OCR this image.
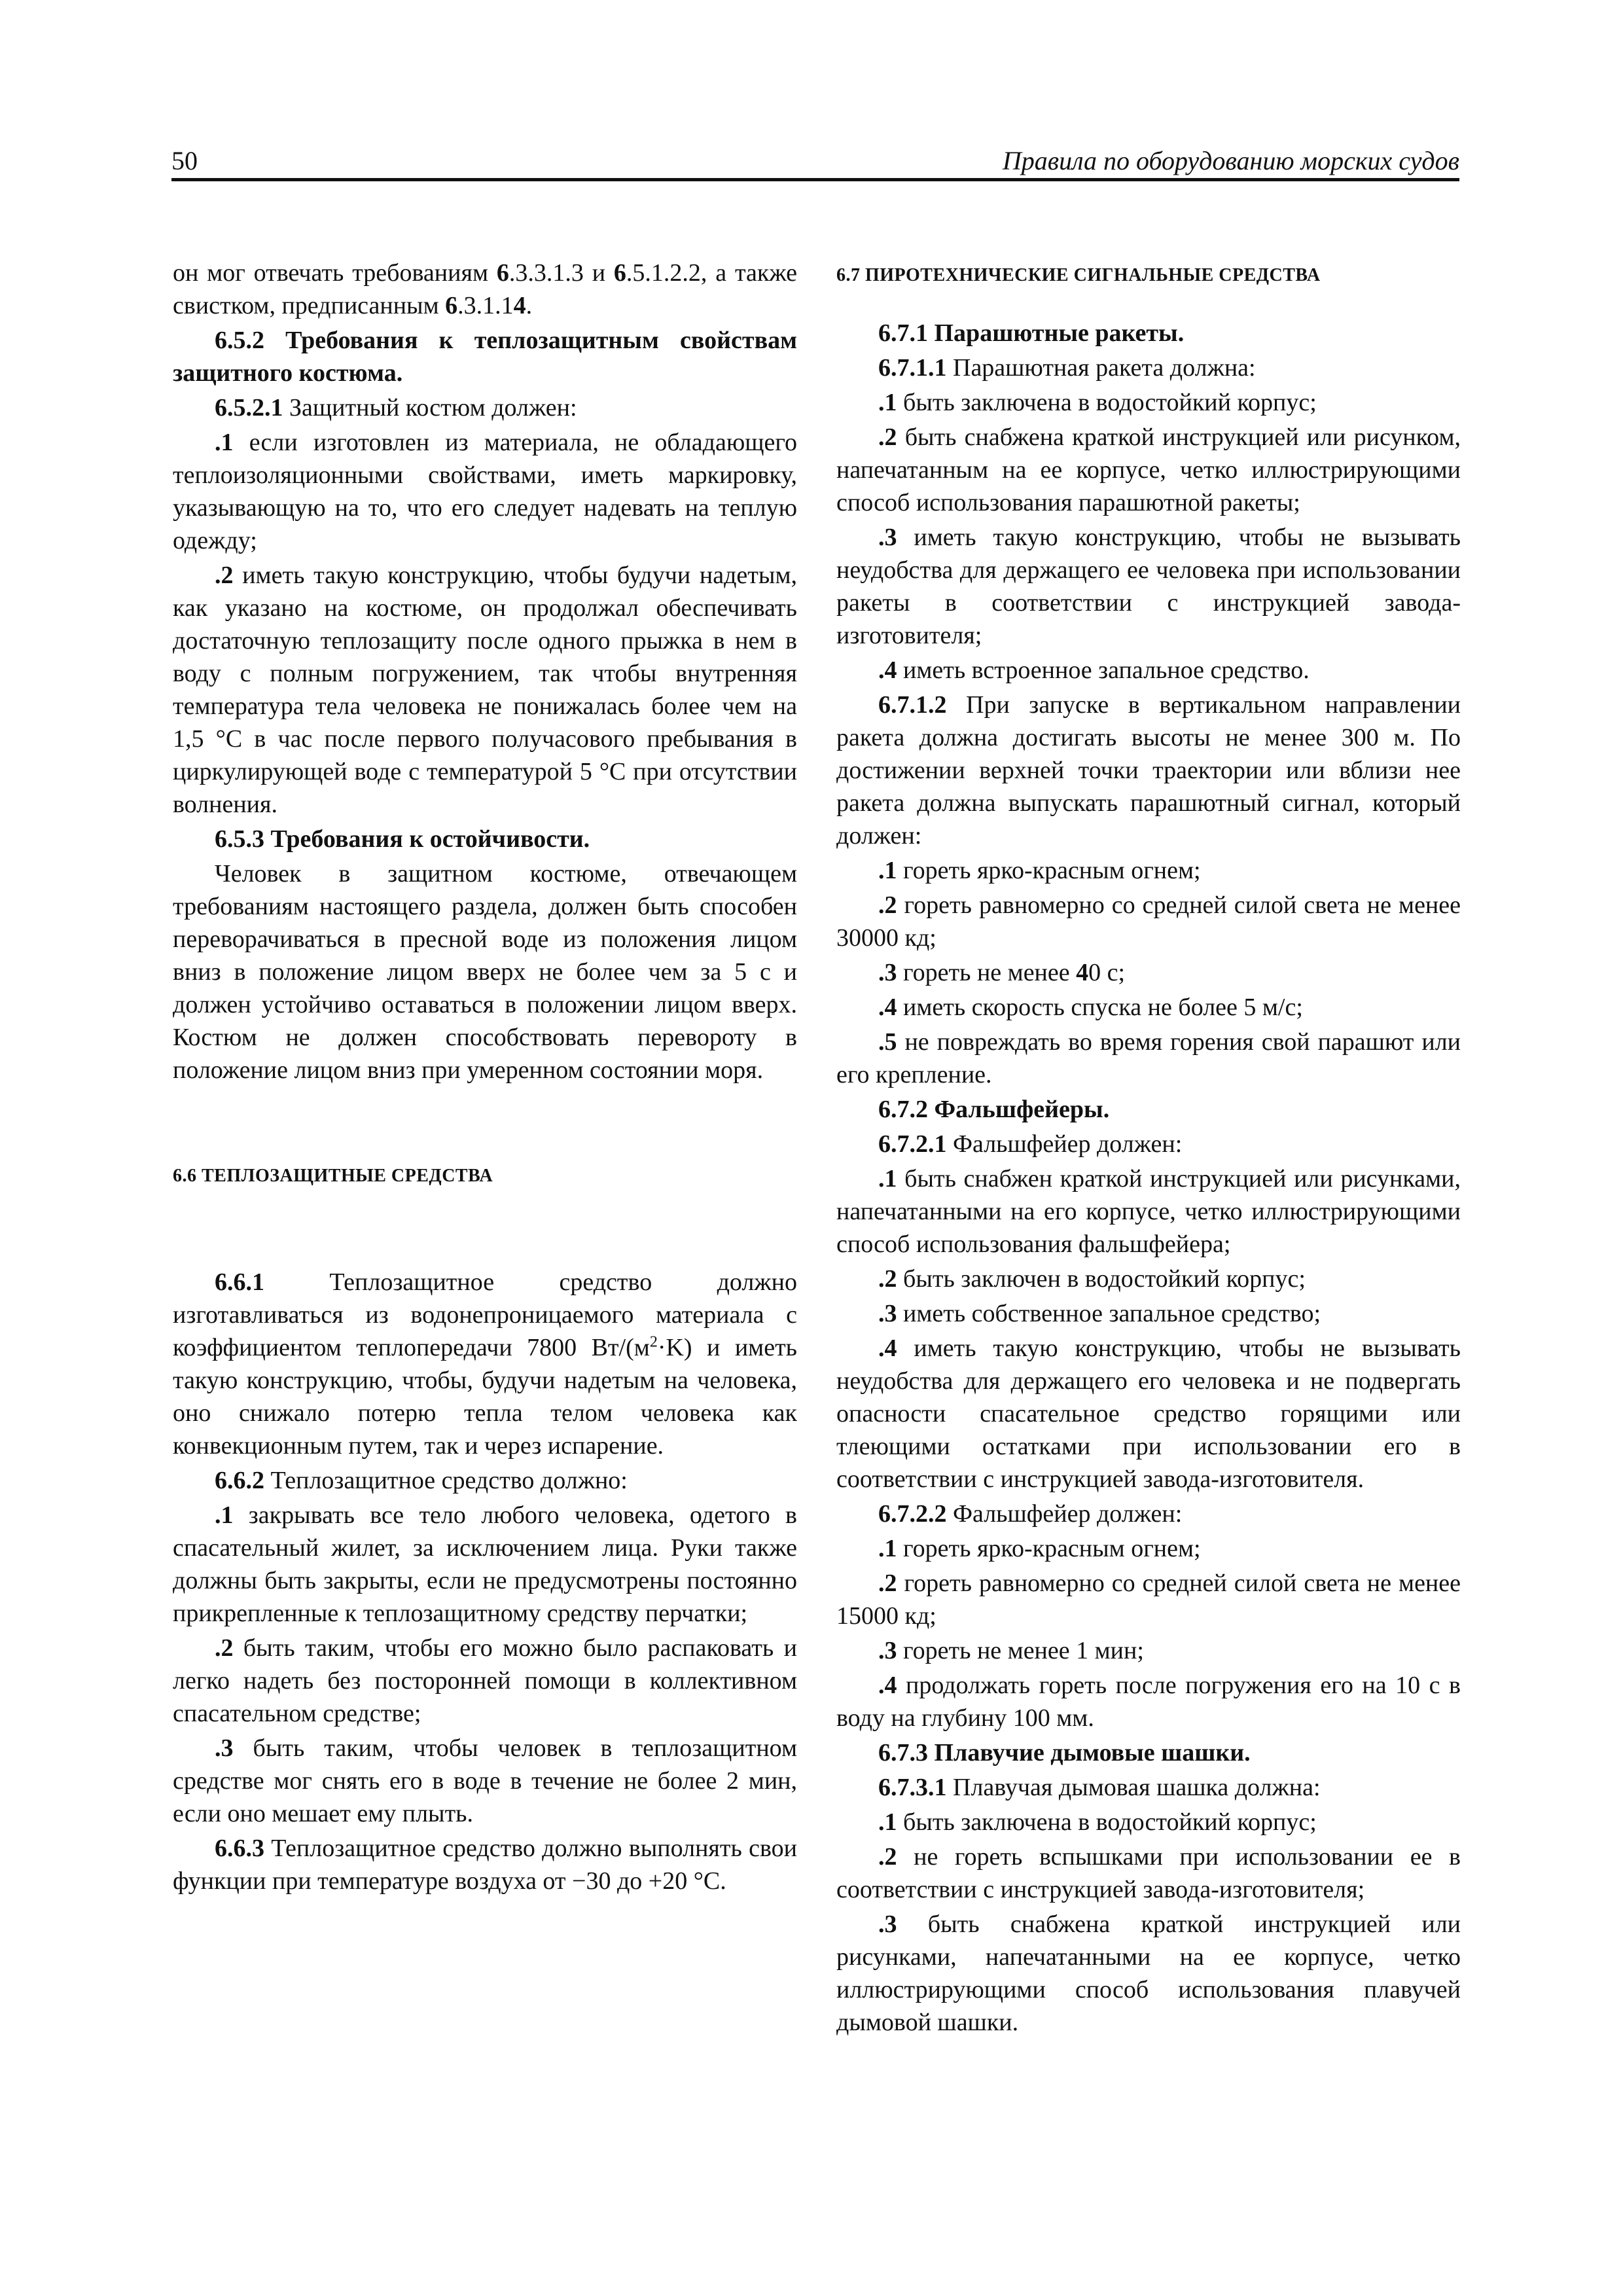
50	Правила по оборудованию морских судов

он мог отвечать требованиям 6.3.3.1.3 и 6.5.1.2.2, а также свистком, предписанным 6.3.1.14.

6.5.2 Требования к теплозащитным свойствам защитного костюма.

6.5.2.1 Защитный костюм должен:

.1 если изготовлен из материала, не обладающего теплоизоляционными свойствами, иметь маркировку, указывающую на то, что его следует надевать на теплую одежду;

.2 иметь такую конструкцию, чтобы будучи надетым, как указано на костюме, он продолжал обеспечивать достаточную теплозащиту после одного прыжка в нем в воду с полным погружением, так чтобы внутренняя температура тела человека не понижалась более чем на 1,5 °С в час после первого получасового пребывания в циркулирующей воде с температурой 5 °С при отсутствии волнения.

6.5.3 Требования к остойчивости.

Человек в защитном костюме, отвечающем требованиям настоящего раздела, должен быть способен переворачиваться в пресной воде из положения лицом вниз в положение лицом вверх не более чем за 5 с и должен устойчиво оставаться в положении лицом вверх. Костюм не должен способствовать перевороту в положение лицом вниз при умеренном состоянии моря.

6.6 ТЕПЛОЗАЩИТНЫЕ СРЕДСТВА

6.6.1 Теплозащитное средство должно изготавливаться из водонепроницаемого материала с коэффициентом теплопередачи 7800 $Вт/(м^2\cdot K)$ и иметь такую конструкцию, чтобы, будучи надетым на человека, оно снижало потерю тепла телом человека как конвекционным путем, так и через испарение.

6.6.2 Теплозащитное средство должно:

.1 закрывать все тело любого человека, одетого в спасательный жилет, за исключением лица. Руки также должны быть закрыты, если не предусмотрены постоянно прикрепленные к теплозащитному средству перчатки;

.2 быть таким, чтобы его можно было распаковать и легко надеть без посторонней помощи в коллективном спасательном средстве;

.3 быть таким, чтобы человек в теплозащитном средстве мог снять его в воде в течение не более 2 мин, если оно мешает ему плыть.

6.6.3 Теплозащитное средство должно выполнять свои функции при температуре воздуха от −30 до +20 °С.

6.7 ПИРОТЕХНИЧЕСКИЕ СИГНАЛЬНЫЕ СРЕДСТВА

6.7.1 Парашютные ракеты.

6.7.1.1 Парашютная ракета должна:

.1 быть заключена в водостойкий корпус;

.2 быть снабжена краткой инструкцией или рисунком, напечатанным на ее корпусе, четко иллюстрирующими способ использования парашютной ракеты;

.3 иметь такую конструкцию, чтобы не вызывать неудобства для держащего ее человека при использовании ракеты в соответствии с инструкцией завода-изготовителя;

.4 иметь встроенное запальное средство.

6.7.1.2 При запуске в вертикальном направлении ракета должна достигать высоты не менее 300 м. По достижении верхней точки траектории или вблизи нее ракета должна выпускать парашютный сигнал, который должен:

.1 гореть ярко-красным огнем;

.2 гореть равномерно со средней силой света не менее 30000 кд;

.3 гореть не менее 40 с;

.4 иметь скорость спуска не более 5 м/с;

.5 не повреждать во время горения свой парашют или его крепление.

6.7.2 Фальшфейеры.

6.7.2.1 Фальшфейер должен:

.1 быть снабжен краткой инструкцией или рисунками, напечатанными на его корпусе, четко иллюстрирующими способ использования фальшфейера;

.2 быть заключен в водостойкий корпус;

.3 иметь собственное запальное средство;

.4 иметь такую конструкцию, чтобы не вызывать неудобства для держащего его человека и не подвергать опасности спасательное средство горящими или тлеющими остатками при использовании его в соответствии с инструкцией завода-изготовителя.

6.7.2.2 Фальшфейер должен:

.1 гореть ярко-красным огнем;

.2 гореть равномерно со средней силой света не менее 15000 кд;

.3 гореть не менее 1 мин;

.4 продолжать гореть после погружения его на 10 с в воду на глубину 100 мм.

6.7.3 Плавучие дымовые шашки.

6.7.3.1 Плавучая дымовая шашка должна:

.1 быть заключена в водостойкий корпус;

.2 не гореть вспышками при использовании ее в соответствии с инструкцией завода-изготовителя;

.3 быть снабжена краткой инструкцией или рисунками, напечатанными на ее корпусе, четко иллюстрирующими способ использования плавучей дымовой шашки.
